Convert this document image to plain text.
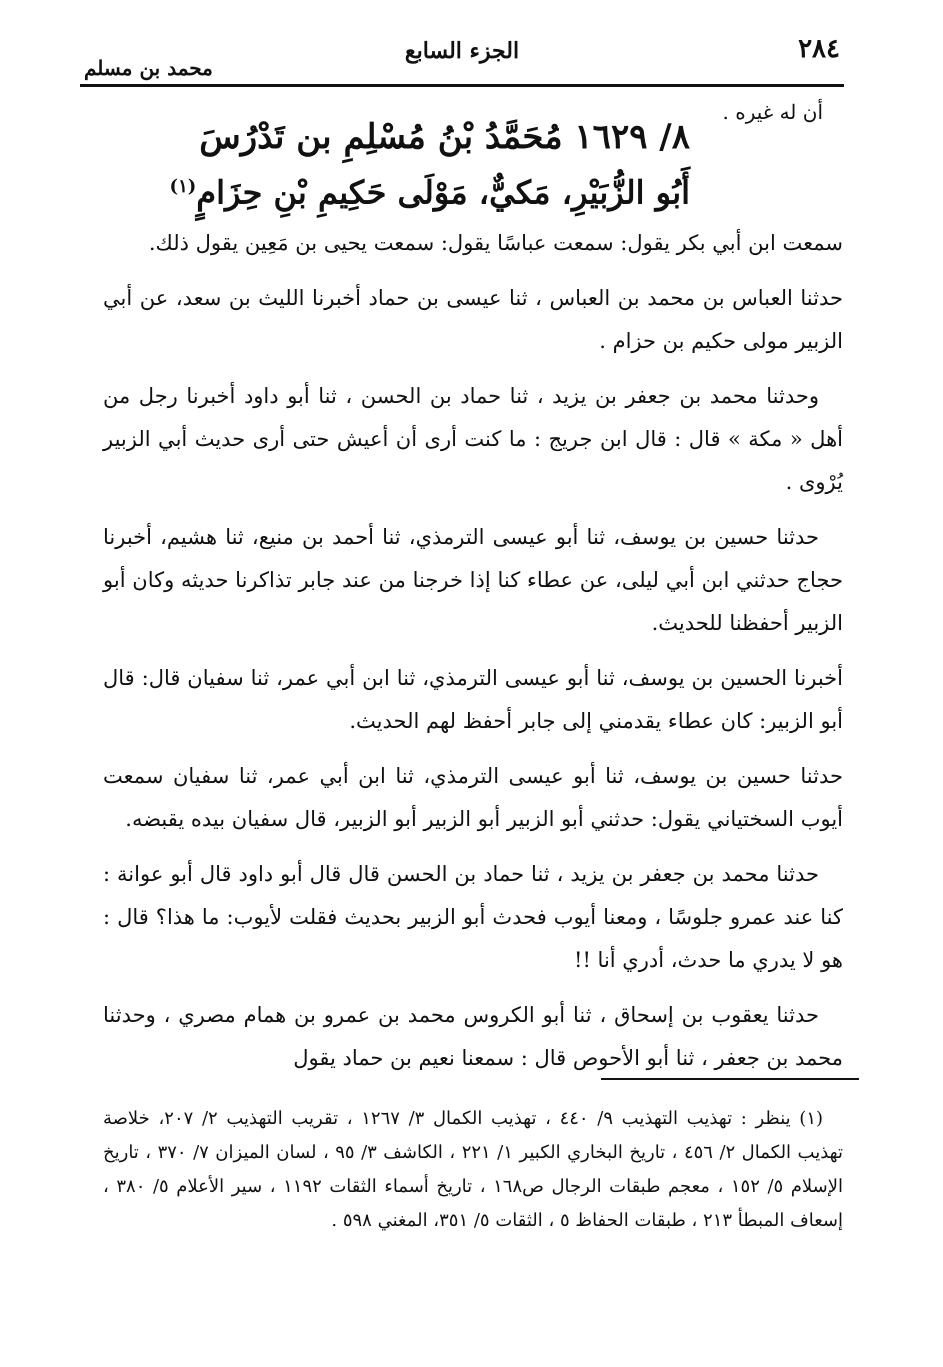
٢٨٤
الجزء السابع
محمد بن مسلم
أن له غيره .
٨/ ١٦٢٩ مُحَمَّدُ بْنُ مُسْلِمِ بن تَدْرُسَ
أَبُو الزُّبَيْرِ، مَكيٌّ، مَوْلَى حَكِيمِ بْنِ حِزَامٍ$^{(١)}$

سمعت ابن أبي بكر يقول: سمعت عباسًا يقول: سمعت يحيى بن مَعِين يقول ذلك.

حدثنا العباس بن محمد بن العباس ، ثنا عيسى بن حماد أخبرنا الليث بن سعد، عن أبي الزبير مولى حكيم بن حزام .

وحدثنا محمد بن جعفر بن يزيد ، ثنا حماد بن الحسن ، ثنا أبو داود أخبرنا رجل من أهل « مكة » قال : قال ابن جريج : ما كنت أرى أن أعيش حتى أرى حديث أبي الزبير يُرْوى .

حدثنا حسين بن يوسف، ثنا أبو عيسى الترمذي، ثنا أحمد بن منيع، ثنا هشيم، أخبرنا حجاج حدثني ابن أبي ليلى، عن عطاء كنا إذا خرجنا من عند جابر تذاكرنا حديثه وكان أبو الزبير أحفظنا للحديث.

أخبرنا الحسين بن يوسف، ثنا أبو عيسى الترمذي، ثنا ابن أبي عمر، ثنا سفيان قال: قال أبو الزبير: كان عطاء يقدمني إلى جابر أحفظ لهم الحديث.

حدثنا حسين بن يوسف، ثنا أبو عيسى الترمذي، ثنا ابن أبي عمر، ثنا سفيان سمعت أيوب السختياني يقول: حدثني أبو الزبير أبو الزبير أبو الزبير، قال سفيان بيده يقبضه.

حدثنا محمد بن جعفر بن يزيد ، ثنا حماد بن الحسن قال قال أبو داود قال أبو عوانة : كنا عند عمرو جلوسًا ، ومعنا أيوب فحدث أبو الزبير بحديث فقلت لأيوب: ما هذا؟ قال : هو لا يدري ما حدث، أدري أنا !!

حدثنا يعقوب بن إسحاق ، ثنا أبو الكروس محمد بن عمرو بن همام مصري ، وحدثنا محمد بن جعفر ، ثنا أبو الأحوص قال : سمعنا نعيم بن حماد يقول

(١) ينظر : تهذيب التهذيب ٩/ ٤٤٠ ، تهذيب الكمال ٣/ ١٢٦٧ ، تقريب التهذيب ٢/ ٢٠٧، خلاصة تهذيب الكمال ٢/ ٤٥٦ ، تاريخ البخاري الكبير ١/ ٢٢١ ، الكاشف ٣/ ٩٥ ، لسان الميزان ٧/ ٣٧٠ ، تاريخ الإسلام ٥/ ١٥٢ ، معجم طبقات الرجال ص١٦٨ ، تاريخ أسماء الثقات ١١٩٢ ، سير الأعلام ٥/ ٣٨٠ ، إسعاف المبطأ ٢١٣ ، طبقات الحفاظ ٥ ، الثقات ٥/ ٣٥١، المغني ٥٩٨ .
